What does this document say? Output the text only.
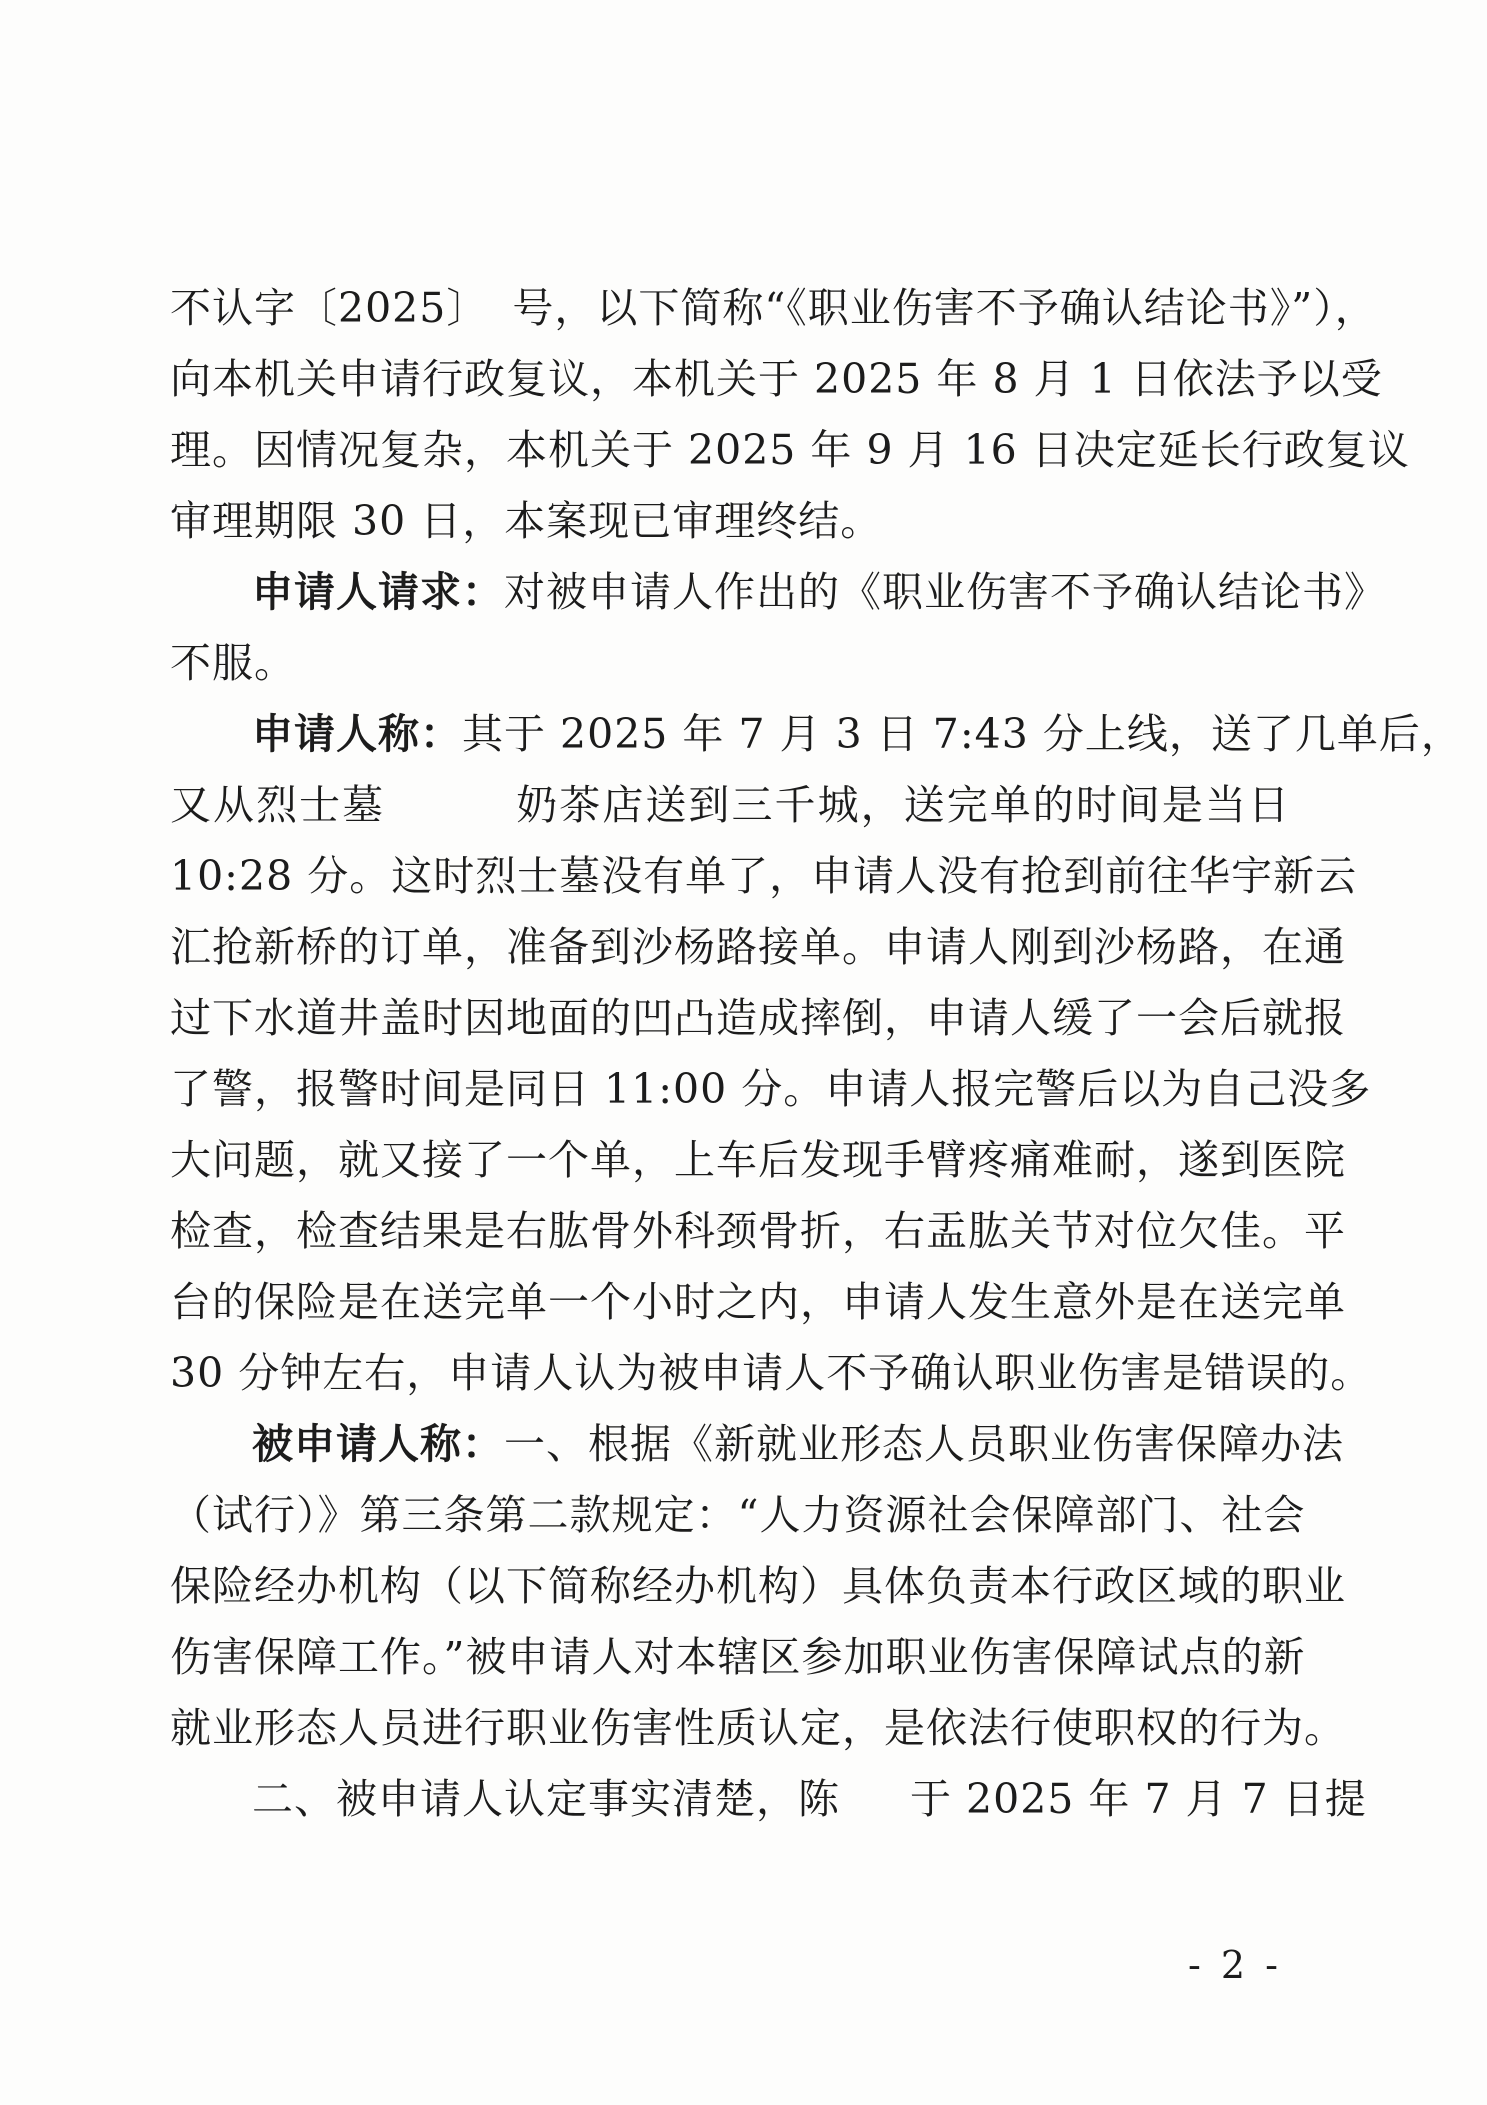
不认字〔2025〕 号，以下简称“《职业伤害不予确认结论书》”），
向本机关申请行政复议，本机关于 2025 年 8 月 1 日依法予以受
理。因情况复杂，本机关于 2025 年 9 月 16 日决定延长行政复议
审理期限 30 日，本案现已审理终结。
申请人请求：对被申请人作出的《职业伤害不予确认结论书》
不服。
申请人称：其于 2025 年 7 月 3 日 7:43 分上线，送了几单后，
又从烈士墓	奶茶店送到三千城，送完单的时间是当日
10:28 分。这时烈士墓没有单了，申请人没有抢到前往华宇新云
汇抢新桥的订单，准备到沙杨路接单。申请人刚到沙杨路，在通
过下水道井盖时因地面的凹凸造成摔倒，申请人缓了一会后就报
了警，报警时间是同日 11:00 分。申请人报完警后以为自己没多
大问题，就又接了一个单，上车后发现手臂疼痛难耐，遂到医院
检查，检查结果是右肱骨外科颈骨折，右盂肱关节对位欠佳。平
台的保险是在送完单一个小时之内，申请人发生意外是在送完单
30 分钟左右，申请人认为被申请人不予确认职业伤害是错误的。
被申请人称：一、根据《新就业形态人员职业伤害保障办法
（试行）》第三条第二款规定：“人力资源社会保障部门、社会
保险经办机构（以下简称经办机构）具体负责本行政区域的职业
伤害保障工作。”被申请人对本辖区参加职业伤害保障试点的新
就业形态人员进行职业伤害性质认定，是依法行使职权的行为。
二、被申请人认定事实清楚，陈 于 2025 年 7 月 7 日提
- 2 -
